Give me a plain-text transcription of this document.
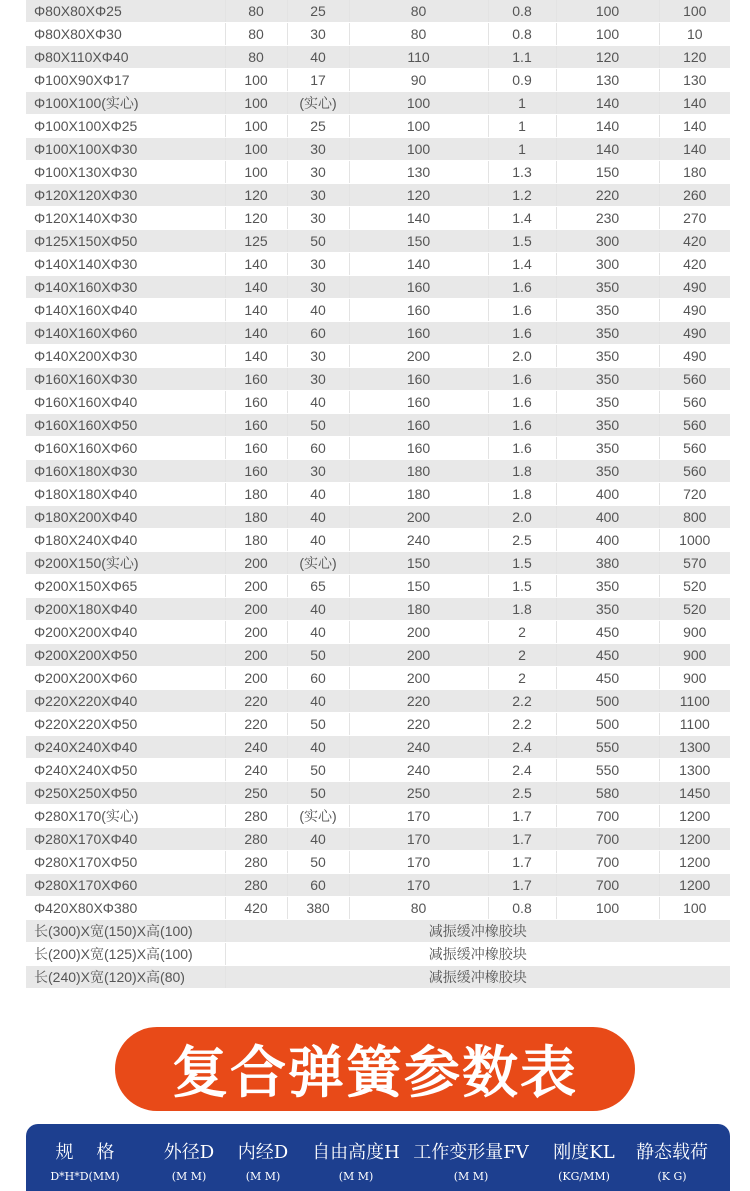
Φ80X80XΦ25	80	25	80	0.8	100	100
Φ80X80XΦ30	80	30	80	0.8	100	10
Φ80X110XΦ40	80	40	110	1.1	120	120
Φ100X90XΦ17	100	17	90	0.9	130	130
Φ100X100(实心)	100	(实心)	100	1	140	140
Φ100X100XΦ25	100	25	100	1	140	140
Φ100X100XΦ30	100	30	100	1	140	140
Φ100X130XΦ30	100	30	130	1.3	150	180
Φ120X120XΦ30	120	30	120	1.2	220	260
Φ120X140XΦ30	120	30	140	1.4	230	270
Φ125X150XΦ50	125	50	150	1.5	300	420
Φ140X140XΦ30	140	30	140	1.4	300	420
Φ140X160XΦ30	140	30	160	1.6	350	490
Φ140X160XΦ40	140	40	160	1.6	350	490
Φ140X160XΦ60	140	60	160	1.6	350	490
Φ140X200XΦ30	140	30	200	2.0	350	490
Φ160X160XΦ30	160	30	160	1.6	350	560
Φ160X160XΦ40	160	40	160	1.6	350	560
Φ160X160XΦ50	160	50	160	1.6	350	560
Φ160X160XΦ60	160	60	160	1.6	350	560
Φ160X180XΦ30	160	30	180	1.8	350	560
Φ180X180XΦ40	180	40	180	1.8	400	720
Φ180X200XΦ40	180	40	200	2.0	400	800
Φ180X240XΦ40	180	40	240	2.5	400	1000
Φ200X150(实心)	200	(实心)	150	1.5	380	570
Φ200X150XΦ65	200	65	150	1.5	350	520
Φ200X180XΦ40	200	40	180	1.8	350	520
Φ200X200XΦ40	200	40	200	2	450	900
Φ200X200XΦ50	200	50	200	2	450	900
Φ200X200XΦ60	200	60	200	2	450	900
Φ220X220XΦ40	220	40	220	2.2	500	1100
Φ220X220XΦ50	220	50	220	2.2	500	1100
Φ240X240XΦ40	240	40	240	2.4	550	1300
Φ240X240XΦ50	240	50	240	2.4	550	1300
Φ250X250XΦ50	250	50	250	2.5	580	1450
Φ280X170(实心)	280	(实心)	170	1.7	700	1200
Φ280X170XΦ40	280	40	170	1.7	700	1200
Φ280X170XΦ50	280	50	170	1.7	700	1200
Φ280X170XΦ60	280	60	170	1.7	700	1200
Φ420X80XΦ380	420	380	80	0.8	100	100
长(300)X宽(150)X高(100)	减振缓冲橡胶块					
长(200)X宽(125)X高(100)	减振缓冲橡胶块					
长(240)X宽(120)X高(80)	减振缓冲橡胶块					
复合弹簧参数表
规    格
D*H*D(MM)
外径D
(M M)
内经D
(M M)
自由高度H
(M M)
工作变形量FV
(M M)
刚度KL
(KG/MM)
静态载荷
(K G)
